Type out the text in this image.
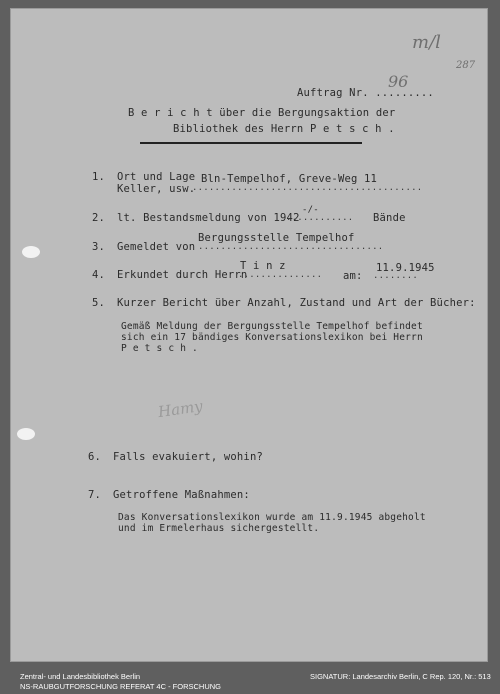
m/l
287
Auftrag Nr. .........
96
B e r i c h t über die Bergungsaktion der
Bibliothek des Herrn P e t s c h .
1. Ort und Lage Bln-Tempelhof, Greve-Weg 11
Keller, usw.
.........................................
2. lt. Bestandsmeldung von 1942
-/-
............ Bände
3. Gemeldet von
Bergungsstelle Tempelhof
.................................
4. Erkundet durch Herrn
T i n z
............... am:
11.9.1945
........
5. Kurzer Bericht über Anzahl, Zustand und Art der Bücher:
Gemäß Meldung der Bergungsstelle Tempelhof befindet
sich ein 17 bändiges Konversationslexikon bei Herrn
P e t s c h .
Hamy
6. Falls evakuiert, wohin?
7. Getroffene Maßnahmen:
Das Konversationslexikon wurde am 11.9.1945 abgeholt
und im Ermelerhaus sichergestellt.
Zentral- und Landesbibliothek Berlin
NS-RAUBGUTFORSCHUNG REFERAT 4C - FORSCHUNG
SIGNATUR: Landesarchiv Berlin, C Rep. 120, Nr.: 513
